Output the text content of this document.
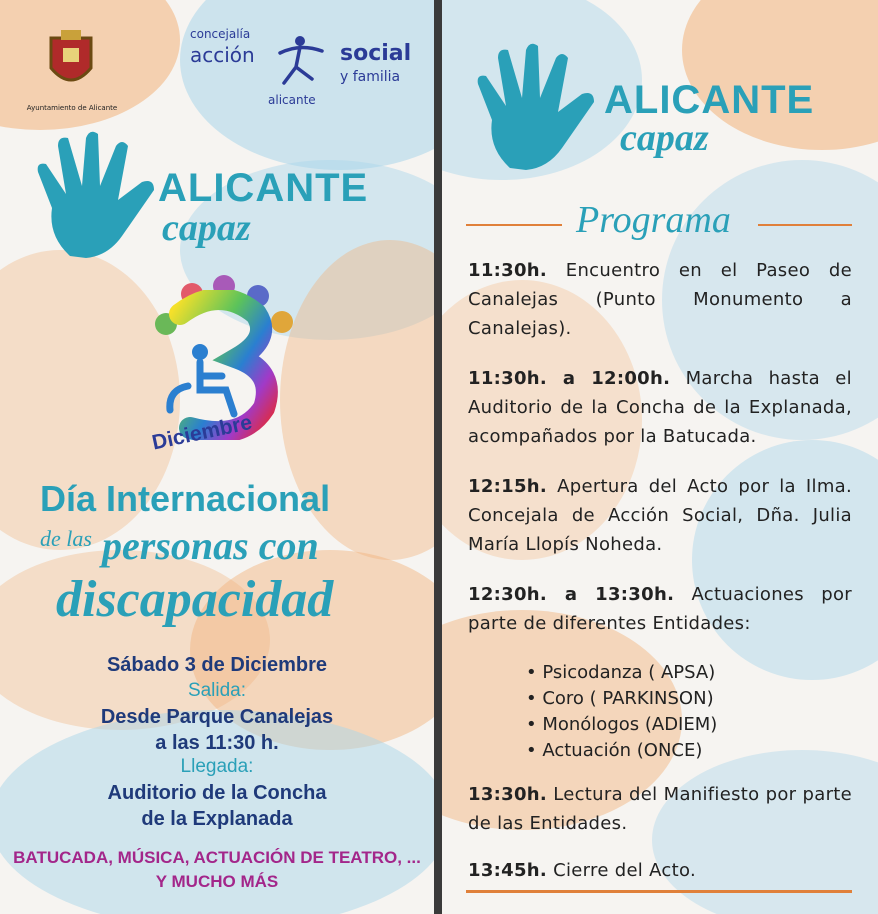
Ayuntamiento de Alicante
concejalía
acción	social
y familia
alicante
ALICANTE
capaz
Diciembre
Día Internacional
de las personas con
discapacidad
Sábado 3 de Diciembre
Salida:
Desde Parque Canalejas
a las 11:30 h.
Llegada:
Auditorio de la Concha
de la Explanada
BATUCADA, MÚSICA, ACTUACIÓN DE TEATRO, ...
Y MUCHO MÁS
ALICANTE
capaz
Programa
11:30h. Encuentro en el Paseo de Canalejas (Punto Monumento a Canalejas).
11:30h. a 12:00h. Marcha hasta el Auditorio de la Concha de la Explanada, acompañados por la Batucada.
12:15h. Apertura del Acto por la Ilma. Concejala de Acción Social, Dña. Julia María Llopís Noheda.
12:30h. a 13:30h. Actuaciones por parte de diferentes Entidades:
• Psicodanza ( APSA)
• Coro ( PARKINSON)
• Monólogos (ADIEM)
• Actuación (ONCE)
13:30h. Lectura del Manifiesto por parte de las Entidades.
13:45h. Cierre del Acto.
